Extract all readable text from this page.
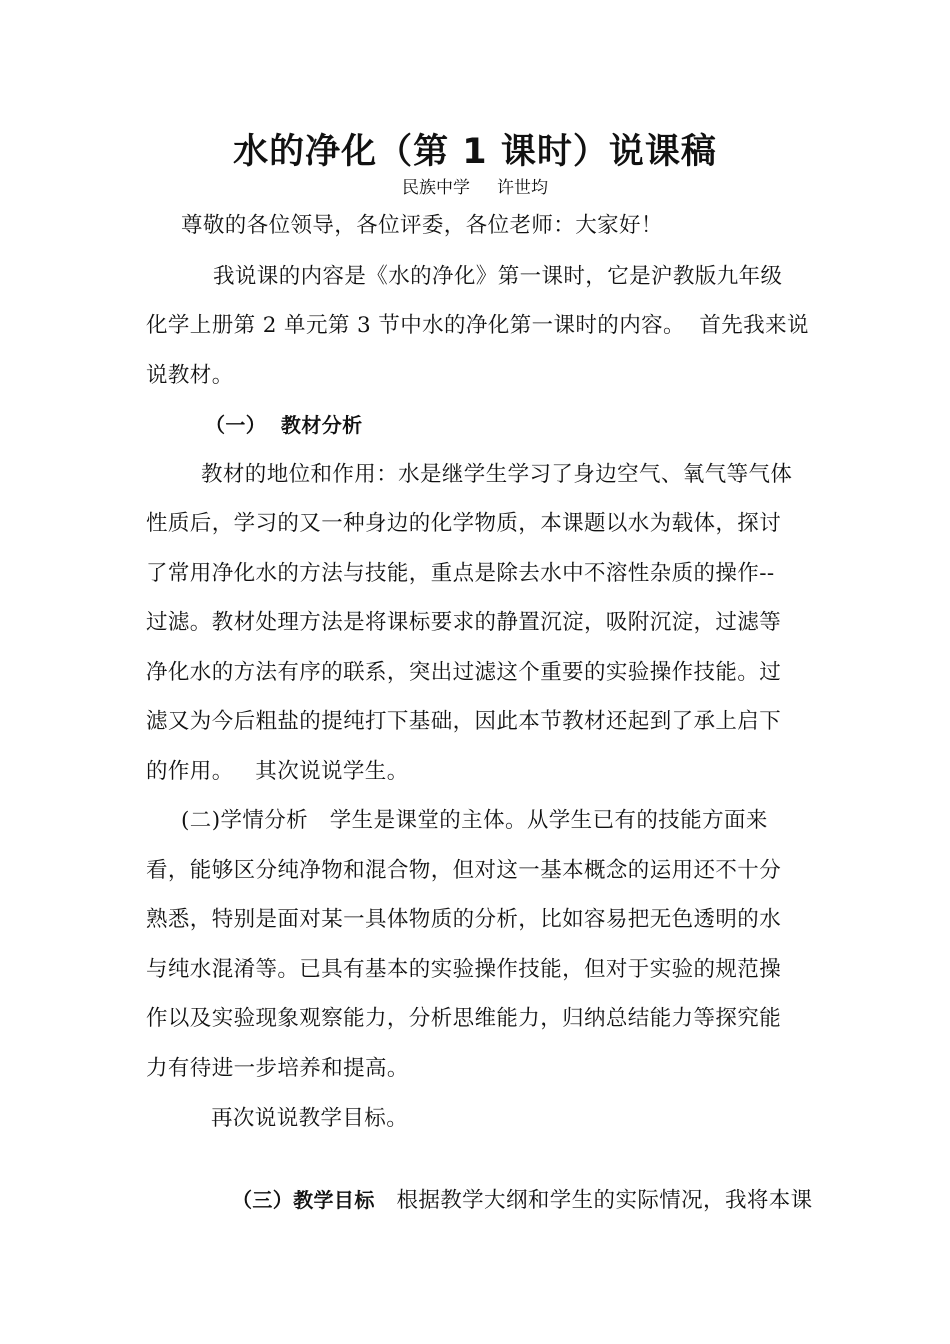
水的净化（第 1 课时）说课稿
民族中学     许世均
尊敬的各位领导，各位评委，各位老师：大家好！
我说课的内容是《水的净化》第一课时，它是沪教版九年级
化学上册第 2 单元第 3 节中水的净化第一课时的内容。  首先我来说
说教材。
（一）  教材分析
教材的地位和作用：水是继学生学习了身边空气、氧气等气体
性质后，学习的又一种身边的化学物质，本课题以水为载体，探讨
了常用净化水的方法与技能，重点是除去水中不溶性杂质的操作--
过滤。教材处理方法是将课标要求的静置沉淀，吸附沉淀，过滤等
净化水的方法有序的联系，突出过滤这个重要的实验操作技能。过
滤又为今后粗盐的提纯打下基础，因此本节教材还起到了承上启下
的作用。   其次说说学生。
(二)学情分析   学生是课堂的主体。从学生已有的技能方面来
看，能够区分纯净物和混合物，但对这一基本概念的运用还不十分
熟悉，特别是面对某一具体物质的分析，比如容易把无色透明的水
与纯水混淆等。已具有基本的实验操作技能，但对于实验的规范操
作以及实验现象观察能力，分析思维能力，归纳总结能力等探究能
力有待进一步培养和提高。
再次说说教学目标。

（三）教学目标   根据教学大纲和学生的实际情况，我将本课
